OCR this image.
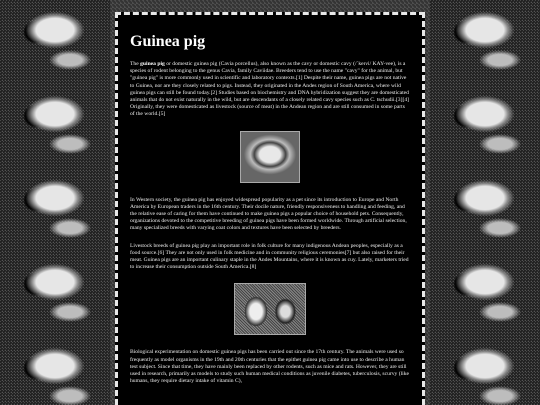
Guinea pig

The guinea pig or domestic guinea pig (Cavia porcellus), also known as the cavy or domestic cavy (/ˈkeɪvi/ KAY-vee), is a species of rodent belonging to the genus Cavia, family Caviidae. Breeders tend to use the name "cavy" for the animal, but "guinea pig" is more commonly used in scientific and laboratory contexts.[1] Despite their name, guinea pigs are not native to Guinea, nor are they closely related to pigs. Instead, they originated in the Andes region of South America, where wild guinea pigs can still be found today.[2] Studies based on biochemistry and DNA hybridization suggest they are domesticated animals that do not exist naturally in the wild, but are descendants of a closely related cavy species such as C. tschudii.[3][4] Originally, they were domesticated as livestock (source of meat) in the Andean region and are still consumed in some parts of the world.[5]

In Western society, the guinea pig has enjoyed widespread popularity as a pet since its introduction to Europe and North America by European traders in the 16th century. Their docile nature, friendly responsiveness to handling and feeding, and the relative ease of caring for them have continued to make guinea pigs a popular choice of household pets. Consequently, organizations devoted to the competitive breeding of guinea pigs have been formed worldwide. Through artificial selection, many specialized breeds with varying coat colors and textures have been selected by breeders.

Livestock breeds of guinea pig play an important role in folk culture for many indigenous Andean peoples, especially as a food source.[6] They are not only used in folk medicine and in community religious ceremonies[7] but also raised for their meat. Guinea pigs are an important culinary staple in the Andes Mountains, where it is known as cuy. Lately, marketers tried to increase their consumption outside South America.[8]

Biological experimentation on domestic guinea pigs has been carried out since the 17th century. The animals were used so frequently as model organisms in the 19th and 20th centuries that the epithet guinea pig came into use to describe a human test subject. Since that time, they have mainly been replaced by other rodents, such as mice and rats. However, they are still used in research, primarily as models to study such human medical conditions as juvenile diabetes, tuberculosis, scurvy (like humans, they require dietary intake of vitamin C),
